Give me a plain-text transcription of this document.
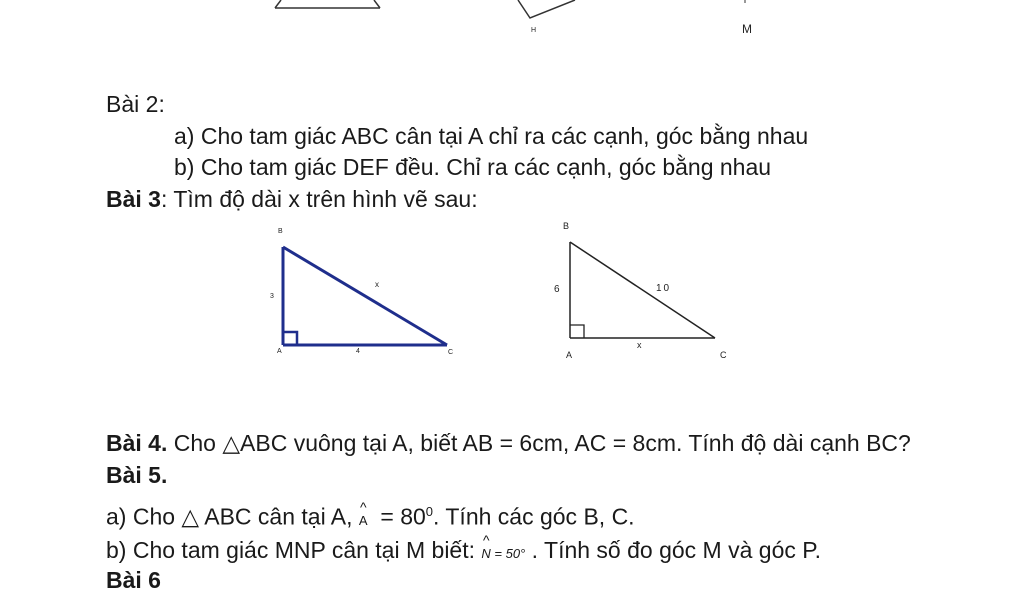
H	M
Bài 2:
a) Cho tam giác ABC cân tại A chỉ ra các cạnh, góc bằng nhau
b) Cho tam giác DEF đều. Chỉ ra các cạnh, góc bằng nhau
Bài 3: Tìm độ dài x trên hình vẽ sau:
B
3
x
A	4	C
B
6	10
x
A	C
Bài 4. Cho △ABC vuông tại A, biết AB = 6cm, AC = 8cm. Tính độ dài cạnh BC?
Bài 5.
a) Cho △ ABC cân tại A, ^ $A = 80^0$. Tính các góc B, C.
b) Cho tam giác MNP cân tại M biết: ^ N = 50° . Tính số đo góc M và góc P.
Bài 6
